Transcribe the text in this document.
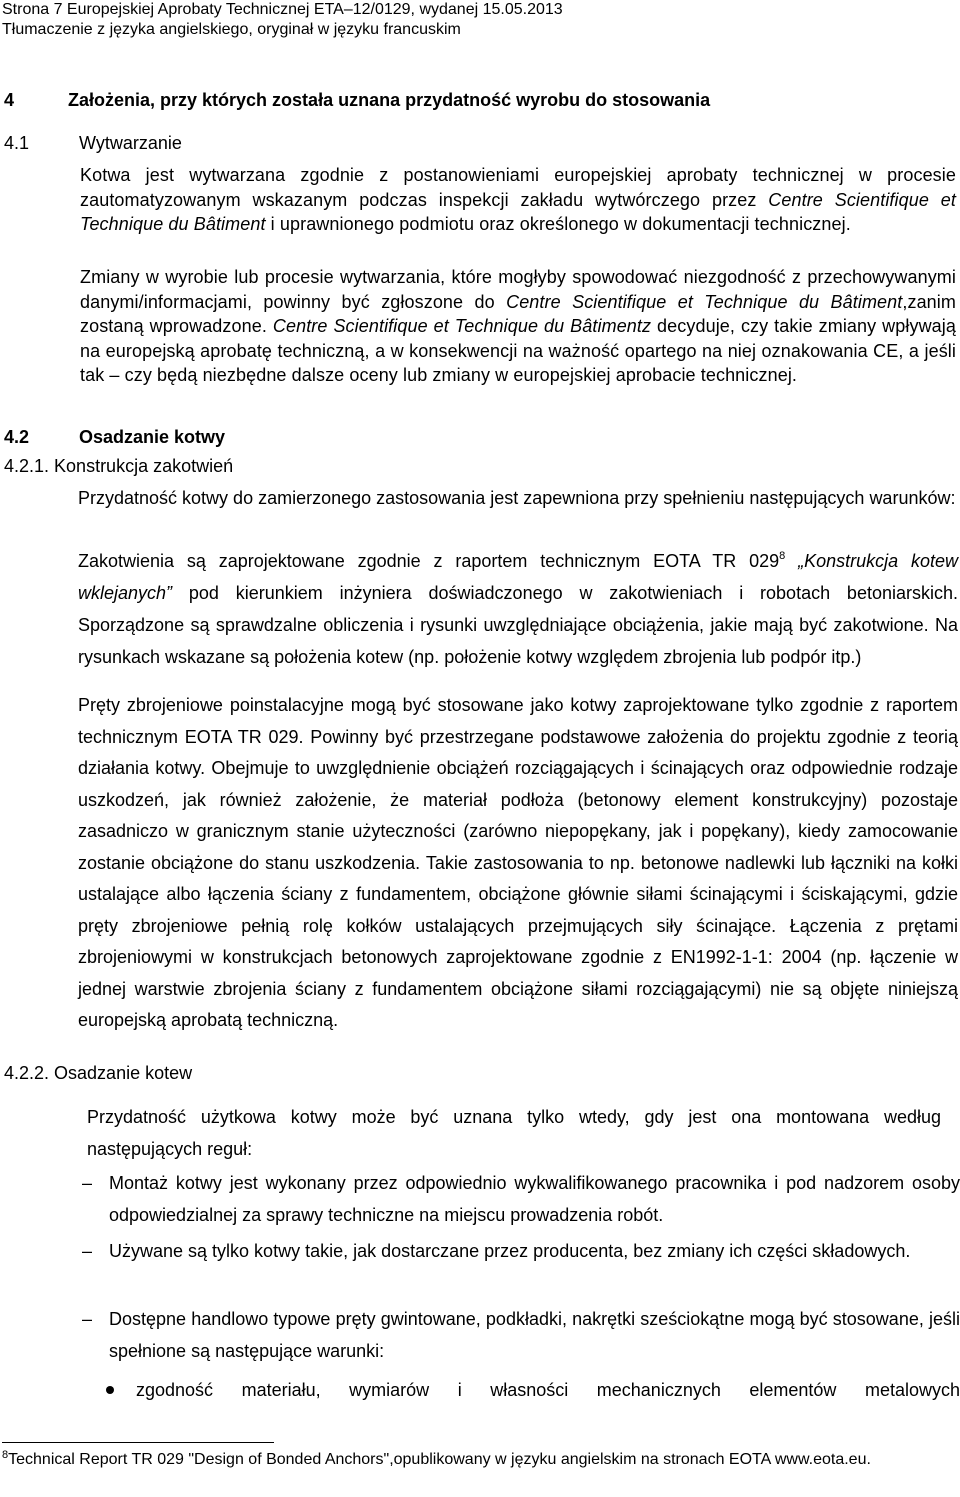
Strona 7 Europejskiej Aprobaty Technicznej ETA–12/0129, wydanej 15.05.2013
Tłumaczenie z języka angielskiego, oryginał w języku francuskim
4	Założenia, przy których została uznana przydatność wyrobu do stosowania
4.1	Wytwarzanie

Kotwa jest wytwarzana zgodnie z postanowieniami europejskiej aprobaty technicznej w procesie zautomatyzowanym wskazanym podczas inspekcji zakładu wytwórczego przez Centre Scientifique et Technique du Bâtiment i uprawnionego podmiotu oraz określonego w dokumentacji technicznej.

Zmiany w wyrobie lub procesie wytwarzania, które mogłyby spowodować niezgodność z przechowywanymi danymi/informacjami, powinny być zgłoszone do Centre Scientifique et Technique du Bâtiment,zanim zostaną wprowadzone. Centre Scientifique et Technique du Bâtimentz decyduje, czy takie zmiany wpływają na europejską aprobatę techniczną, a w konsekwencji na ważność opartego na niej oznakowania CE, a jeśli tak – czy będą niezbędne dalsze oceny lub zmiany w europejskiej aprobacie technicznej.

4.2	Osadzanie kotwy
4.2.1. Konstrukcja zakotwień

Przydatność kotwy do zamierzonego zastosowania jest zapewniona przy spełnieniu następujących warunków:

Zakotwienia są zaprojektowane zgodnie z raportem technicznym EOTA TR 029$^8$ „Konstrukcja kotew wklejanych” pod kierunkiem inżyniera doświadczonego w zakotwieniach i robotach betoniarskich. Sporządzone są sprawdzalne obliczenia i rysunki uwzględniające obciążenia, jakie mają być zakotwione. Na rysunkach wskazane są położenia kotew (np. położenie kotwy względem zbrojenia lub podpór itp.)

Pręty zbrojeniowe poinstalacyjne mogą być stosowane jako kotwy zaprojektowane tylko zgodnie z raportem technicznym EOTA TR 029. Powinny być przestrzegane podstawowe założenia do projektu zgodnie z teorią działania kotwy. Obejmuje to uwzględnienie obciążeń rozciągających i ścinających oraz odpowiednie rodzaje uszkodzeń, jak również założenie, że materiał podłoża (betonowy element konstrukcyjny) pozostaje zasadniczo w granicznym stanie użyteczności (zarówno niepopękany, jak i popękany), kiedy zamocowanie zostanie obciążone do stanu uszkodzenia. Takie zastosowania to np. betonowe nadlewki lub łączniki na kołki ustalające albo łączenia ściany z fundamentem, obciążone głównie siłami ścinającymi i ściskającymi, gdzie pręty zbrojeniowe pełnią rolę kołków ustalających przejmujących siły ścinające. Łączenia z prętami zbrojeniowymi w konstrukcjach betonowych zaprojektowane zgodnie z EN1992-1-1: 2004 (np. łączenie w jednej warstwie zbrojenia ściany z fundamentem obciążone siłami rozciągającymi) nie są objęte niniejszą europejską aprobatą techniczną.

4.2.2. Osadzanie kotew

Przydatność użytkowa kotwy może być uznana tylko wtedy, gdy jest ona montowana według następujących reguł:

– Montaż kotwy jest wykonany przez odpowiednio wykwalifikowanego pracownika i pod nadzorem osoby odpowiedzialnej za sprawy techniczne na miejscu prowadzenia robót.
– Używane są tylko kotwy takie, jak dostarczane przez producenta, bez zmiany ich części składowych.
– Dostępne handlowo typowe pręty gwintowane, podkładki, nakrętki sześciokątne mogą być stosowane, jeśli spełnione są następujące warunki:
zgodność materiału, wymiarów i własności mechanicznych elementów metalowych
$^8$Technical Report TR 029 "Design of Bonded Anchors",opublikowany w języku angielskim na stronach EOTA www.eota.eu.
